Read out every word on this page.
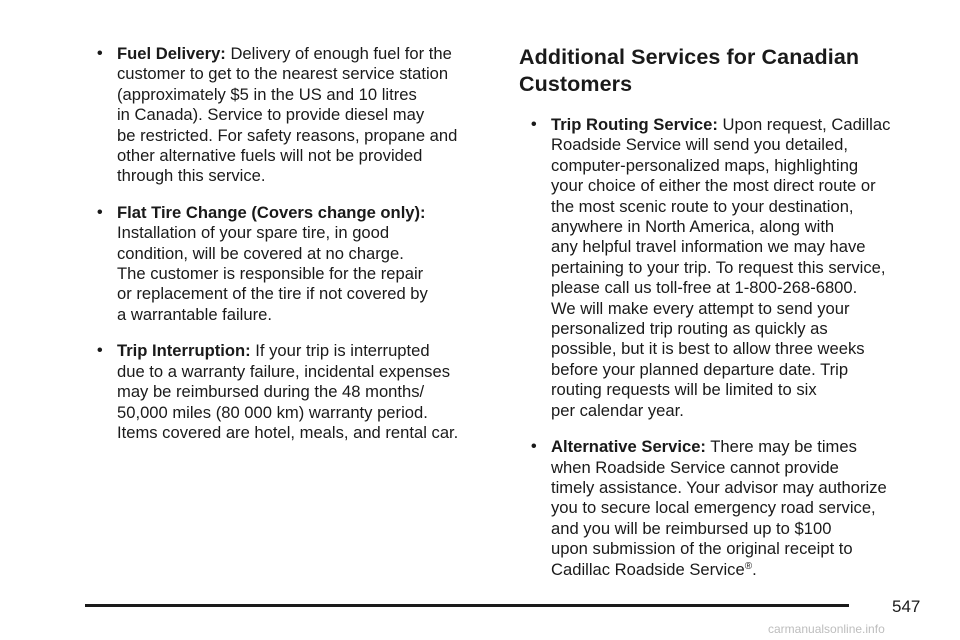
• Fuel Delivery: Delivery of enough fuel for the
customer to get to the nearest service station
(approximately $5 in the US and 10 litres
in Canada). Service to provide diesel may
be restricted. For safety reasons, propane and
other alternative fuels will not be provided
through this service.
• Flat Tire Change (Covers change only):
Installation of your spare tire, in good
condition, will be covered at no charge.
The customer is responsible for the repair
or replacement of the tire if not covered by
a warrantable failure.
• Trip Interruption: If your trip is interrupted
due to a warranty failure, incidental expenses
may be reimbursed during the 48 months/
50,000 miles (80 000 km) warranty period.
Items covered are hotel, meals, and rental car.
Additional Services for Canadian
Customers
• Trip Routing Service: Upon request, Cadillac
Roadside Service will send you detailed,
computer-personalized maps, highlighting
your choice of either the most direct route or
the most scenic route to your destination,
anywhere in North America, along with
any helpful travel information we may have
pertaining to your trip. To request this service,
please call us toll-free at 1-800-268-6800.
We will make every attempt to send your
personalized trip routing as quickly as
possible, but it is best to allow three weeks
before your planned departure date. Trip
routing requests will be limited to six
per calendar year.
• Alternative Service: There may be times
when Roadside Service cannot provide
timely assistance. Your advisor may authorize
you to secure local emergency road service,
and you will be reimbursed up to $100
upon submission of the original receipt to
Cadillac Roadside Service®.
547
carmanualsonline.info
